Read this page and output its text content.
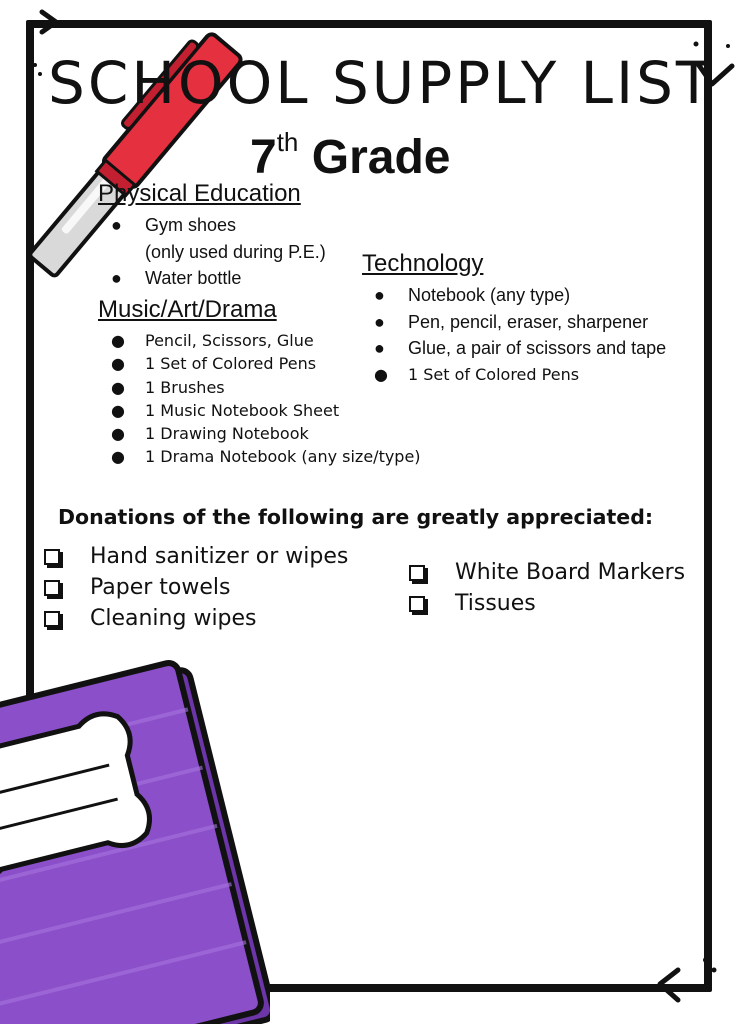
SCHOOL SUPPLY LIST
7th Grade
Physical Education
● Gym shoes
(only used during P.E.)
● Water bottle
Technology
● Notebook (any type)
● Pen, pencil, eraser, sharpener
● Glue, a pair of scissors and tape
● 1 Set of Colored Pens
Music/Art/Drama
● Pencil, Scissors, Glue
● 1 Set of Colored Pens
● 1 Brushes
● 1 Music Notebook Sheet
● 1 Drawing Notebook
● 1 Drama Notebook (any size/type)
Donations of the following are greatly appreciated:
Hand sanitizer or wipes
Paper towels
Cleaning wipes
White Board Markers
Tissues
